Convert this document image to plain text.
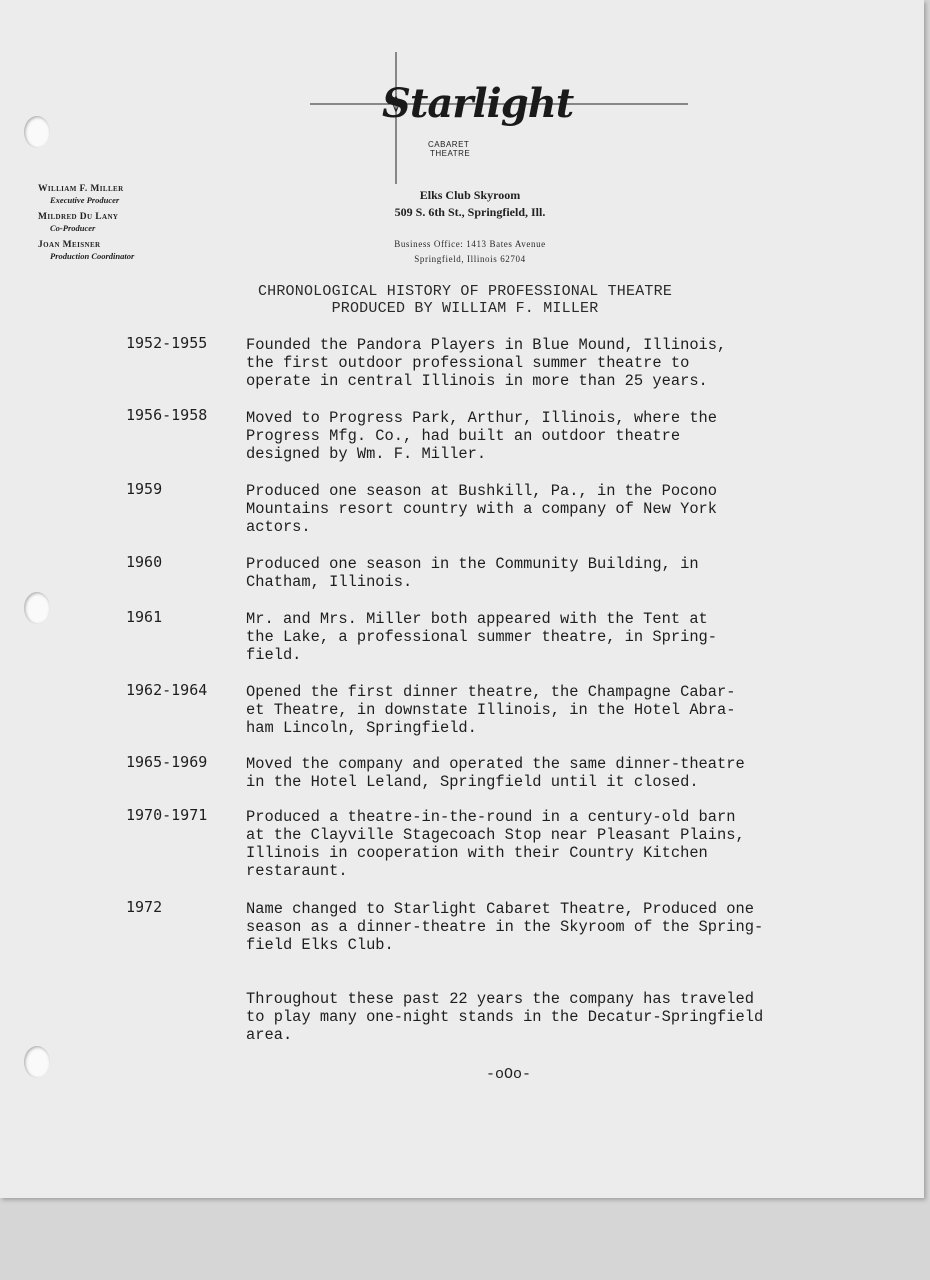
Starlight
CABARET
THEATRE
William F. Miller
Executive Producer
Mildred Du Lany
Co-Producer
Joan Meisner
Production Coordinator
Elks Club Skyroom
509 S. 6th St., Springfield, Ill.
Business Office: 1413 Bates Avenue
Springfield, Illinois 62704
CHRONOLOGICAL HISTORY OF PROFESSIONAL THEATRE
PRODUCED BY WILLIAM F. MILLER
1952-1955	Founded the Pandora Players in Blue Mound, Illinois,
the first outdoor professional summer theatre to
operate in central Illinois in more than 25 years.
1956-1958	Moved to Progress Park, Arthur, Illinois, where the
Progress Mfg. Co., had built an outdoor theatre
designed by Wm. F. Miller.
1959	Produced one season at Bushkill, Pa., in the Pocono
Mountains resort country with a company of New York
actors.
1960	Produced one season in the Community Building, in
Chatham, Illinois.
1961	Mr. and Mrs. Miller both appeared with the Tent at
the Lake, a professional summer theatre, in Spring-
field.
1962-1964	Opened the first dinner theatre, the Champagne Cabar-
et Theatre, in downstate Illinois, in the Hotel Abra-
ham Lincoln, Springfield.
1965-1969	Moved the company and operated the same dinner-theatre
in the Hotel Leland, Springfield until it closed.
1970-1971	Produced a theatre-in-the-round in a century-old barn
at the Clayville Stagecoach Stop near Pleasant Plains,
Illinois in cooperation with their Country Kitchen
restaraunt.
1972	Name changed to Starlight Cabaret Theatre, Produced one
season as a dinner-theatre in the Skyroom of the Spring-
field Elks Club.
Throughout these past 22 years the company has traveled
to play many one-night stands in the Decatur-Springfield
area.
-oOo-
